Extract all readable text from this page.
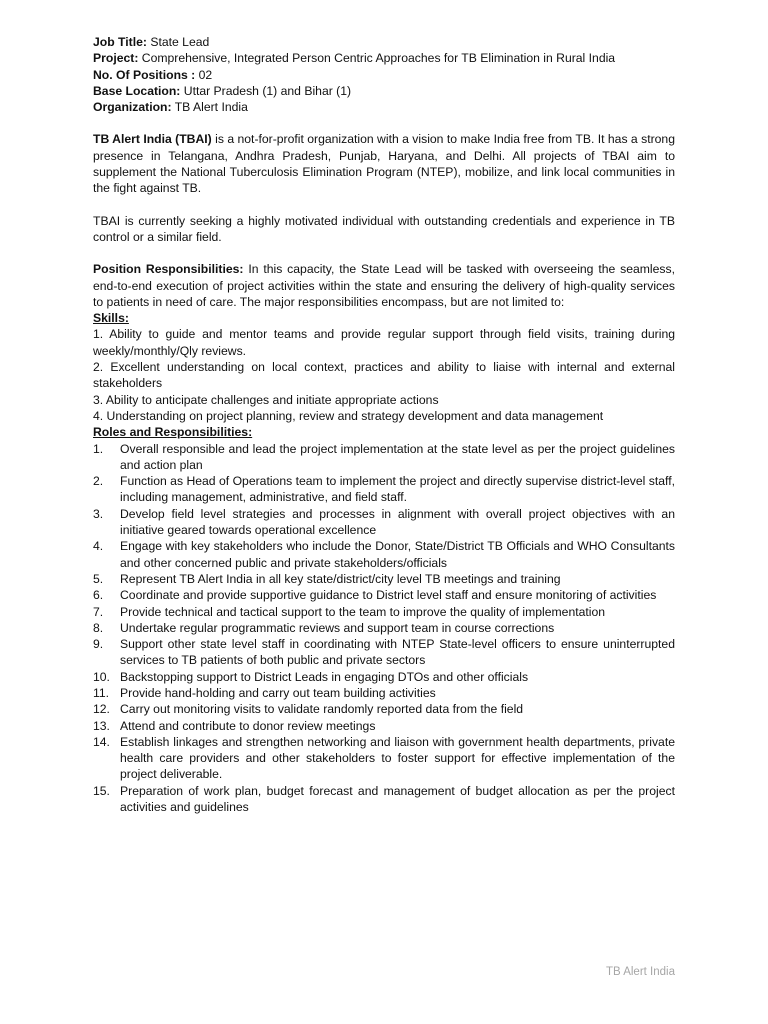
Job Title: State Lead

Project: Comprehensive, Integrated Person Centric Approaches for TB Elimination in Rural India

No. Of Positions : 02

Base Location: Uttar Pradesh (1) and Bihar (1)

Organization: TB Alert India

TB Alert India (TBAI) is a not-for-profit organization with a vision to make India free from TB. It has a strong presence in Telangana, Andhra Pradesh, Punjab, Haryana, and Delhi. All projects of TBAI aim to supplement the National Tuberculosis Elimination Program (NTEP), mobilize, and link local communities in the fight against TB.

TBAI is currently seeking a highly motivated individual with outstanding credentials and experience in TB control or a similar field.

Position Responsibilities: In this capacity, the State Lead will be tasked with overseeing the seamless, end-to-end execution of project activities within the state and ensuring the delivery of high-quality services to patients in need of care. The major responsibilities encompass, but are not limited to:

Skills:

1. Ability to guide and mentor teams and provide regular support through field visits, training during weekly/monthly/Qly reviews.

2. Excellent understanding on local context, practices and ability to liaise with internal and external stakeholders

3. Ability to anticipate challenges and initiate appropriate actions

4. Understanding on project planning, review and strategy development and data management

Roles and Responsibilities:

1.	Overall responsible and lead the project implementation at the state level as per the project guidelines and action plan
2.	Function as Head of Operations team to implement the project and directly supervise district-level staff, including management, administrative, and field staff.
3.	Develop field level strategies and processes in alignment with overall project objectives with an initiative geared towards operational excellence
4.	Engage with key stakeholders who include the Donor, State/District TB Officials and WHO Consultants and other concerned public and private stakeholders/officials
5.	Represent TB Alert India in all key state/district/city level TB meetings and training
6.	Coordinate and provide supportive guidance to District level staff and ensure monitoring of activities
7.	Provide technical and tactical support to the team to improve the quality of implementation
8.	Undertake regular programmatic reviews and support team in course corrections
9.	Support other state level staff in coordinating with NTEP State-level officers to ensure uninterrupted services to TB patients of both public and private sectors
10. Backstopping support to District Leads in engaging DTOs and other officials
11. Provide hand-holding and carry out team building activities
12. Carry out monitoring visits to validate randomly reported data from the field
13. Attend and contribute to donor review meetings
14. Establish linkages and strengthen networking and liaison with government health departments, private health care providers and other stakeholders to foster support for effective implementation of the project deliverable.
15. Preparation of work plan, budget forecast and management of budget allocation as per the project activities and guidelines
TB Alert India
